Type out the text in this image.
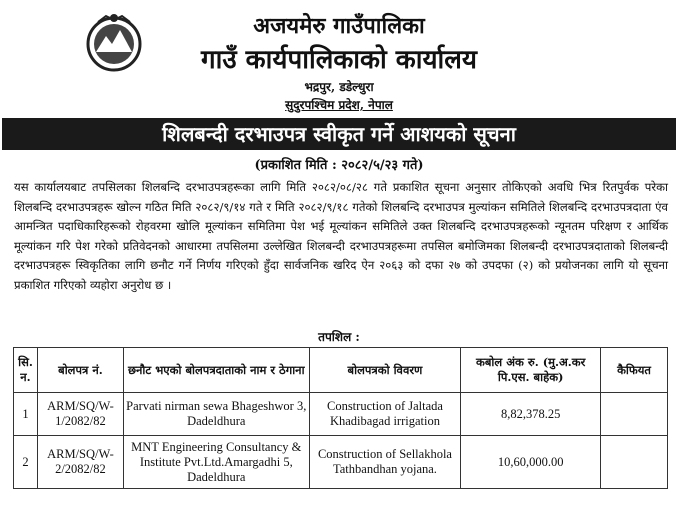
अजयमेरु गाउँपालिका
गाउँ कार्यपालिकाको कार्यालय
भद्रपुर, डडेल्धुरा
सुदुरपश्चिम प्रदेश, नेपाल
शिलबन्दी दरभाउपत्र स्वीकृत गर्ने आशयको सूचना
(प्रकाशित मिति : २०८२/५/२३ गते)
यस कार्यालयबाट तपसिलका शिलबन्दि दरभाउपत्रहरूका लागि मिति २०८२/०८/२८ गते प्रकाशित सूचना अनुसार तोकिएको अवधि भित्र रितपुर्वक परेका शिलबन्दि दरभाउपत्रहरू खोल्न गठित मिति २०८२/९/१४ गते र मिति २०८२/९/१८ गतेको शिलबन्दि दरभाउपत्र मुल्यांकन समितिले शिलबन्दि दरभाउपत्रदाता एंव आमन्त्रित पदाधिकारिहरूको रोहवरमा खोलि मूल्यांकन समितिमा पेश भई मूल्यांकन समितिले उक्त शिलबन्दि दरभाउपत्रहरूको न्यूनतम परिक्षण र आर्थिक मूल्यांकन गरि पेश गरेको प्रतिवेदनको आधारमा तपसिलमा उल्लेखित शिलबन्दी दरभाउपत्रहरूमा तपसिल बमोजिमका शिलबन्दी दरभाउपत्रदाताको शिलबन्दी दरभाउपत्रहरू स्विकृतिका लागि छनौट गर्ने निर्णय गरिएको हुँदा सार्वजनिक खरिद ऐन २०६३ को दफा २७ को उपदफा (२) को प्रयोजनका लागि यो सूचना प्रकाशित गरिएको व्यहोरा अनुरोध छ ।
तपशिल :
सि. न.	बोलपत्र नं.	छनौट भएको बोलपत्रदाताको नाम र ठेगाना	बोलपत्रको विवरण	कबोल अंक रु. (मु.अ.कर पि.एस. बाहेक)	कैफियत
1	ARM/SQ/W-1/2082/82	Parvati nirman sewa Bhageshwor 3, Dadeldhura	Construction of Jaltada Khadibagad irrigation	8,82,378.25	
2	ARM/SQ/W-2/2082/82	MNT Engineering Consultancy & Institute Pvt.Ltd.Amargadhi 5, Dadeldhura	Construction of Sellakhola Tathbandhan yojana.	10,60,000.00	
